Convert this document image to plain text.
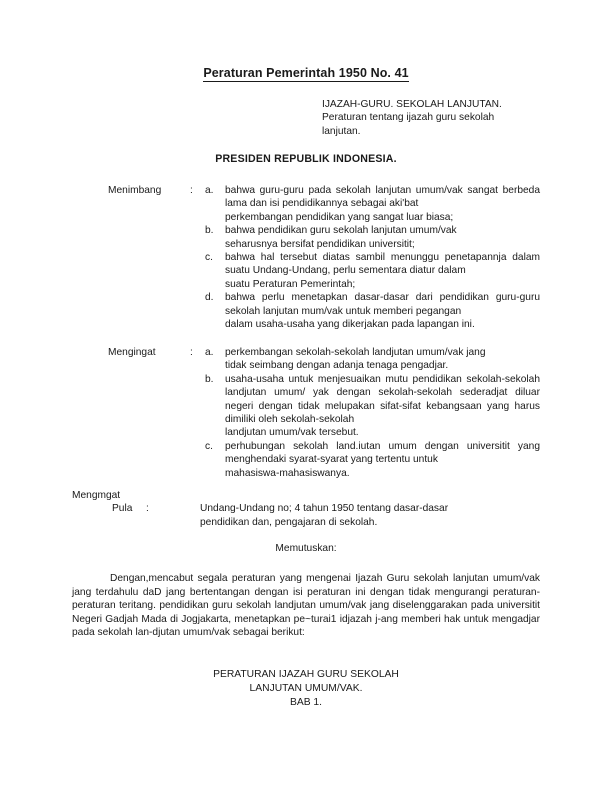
Peraturan Pemerintah 1950 No. 41

IJAZAH-GURU. SEKOLAH LANJUTAN.

Peraturan tentang ijazah guru sekolah

lanjutan.

PRESIDEN REPUBLIK INDONESIA.
Menimbang	: a.	bahwa guru-guru pada sekolah lanjutan umum/vak sangat berbeda lama dan isi pendidikannya sebagai aki'bat

perkembangan pendidikan yang sangat luar biasa;

b.	bahwa pendidikan guru sekolah lanjutan umum/vak

seharusnya bersifat pendidikan universitit;

c.	bahwa hal tersebut diatas sambil menunggu penetapannja dalam suatu Undang-Undang, perlu sementara diatur dalam

suatu Peraturan Pemerintah;

d.	bahwa perlu menetapkan dasar-dasar dari pendidikan guru-guru sekolah lanjutan mum/vak untuk memberi pegangan

dalam usaha-usaha yang dikerjakan pada lapangan ini.

Mengingat	: a.	perkembangan sekolah-sekolah landjutan umum/vak jang

tidak seimbang dengan adanja tenaga pengadjar.

b.	usaha-usaha untuk menjesuaikan mutu pendidikan sekolah-sekolah landjutan umum/ yak dengan sekolah-sekolah sederadjat diluar negeri dengan tidak melupakan sifat-sifat kebangsaan yang harus dimiliki oleh sekolah-sekolah

landjutan umum/vak tersebut.

c.	perhubungan sekolah land.iutan umum dengan universitit yang menghendaki syarat-syarat yang tertentu untuk

mahasiswa-mahasiswanya.

Mengmgat
Pula :	Undang-Undang no; 4 tahun 1950 tentang dasar-dasar

pendidikan dan, pengajaran di sekolah.

Memutuskan:

Dengan,mencabut segala peraturan yang mengenai Ijazah Guru sekolah lanjutan umum/vak jang terdahulu daD jang bertentangan dengan isi peraturan ini dengan tidak mengurangi peraturan-peraturan teritang. pendidikan guru sekolah landjutan umum/vak jang diselenggarakan pada universitit Negeri Gadjah Mada di Jogjakarta, menetapkan pe~turai1 idjazah j-ang memberi hak untuk mengadjar pada sekolah lan-djutan umum/vak sebagai berikut:

PERATURAN IJAZAH GURU SEKOLAH
LANJUTAN UMUM/VAK.
BAB 1.
